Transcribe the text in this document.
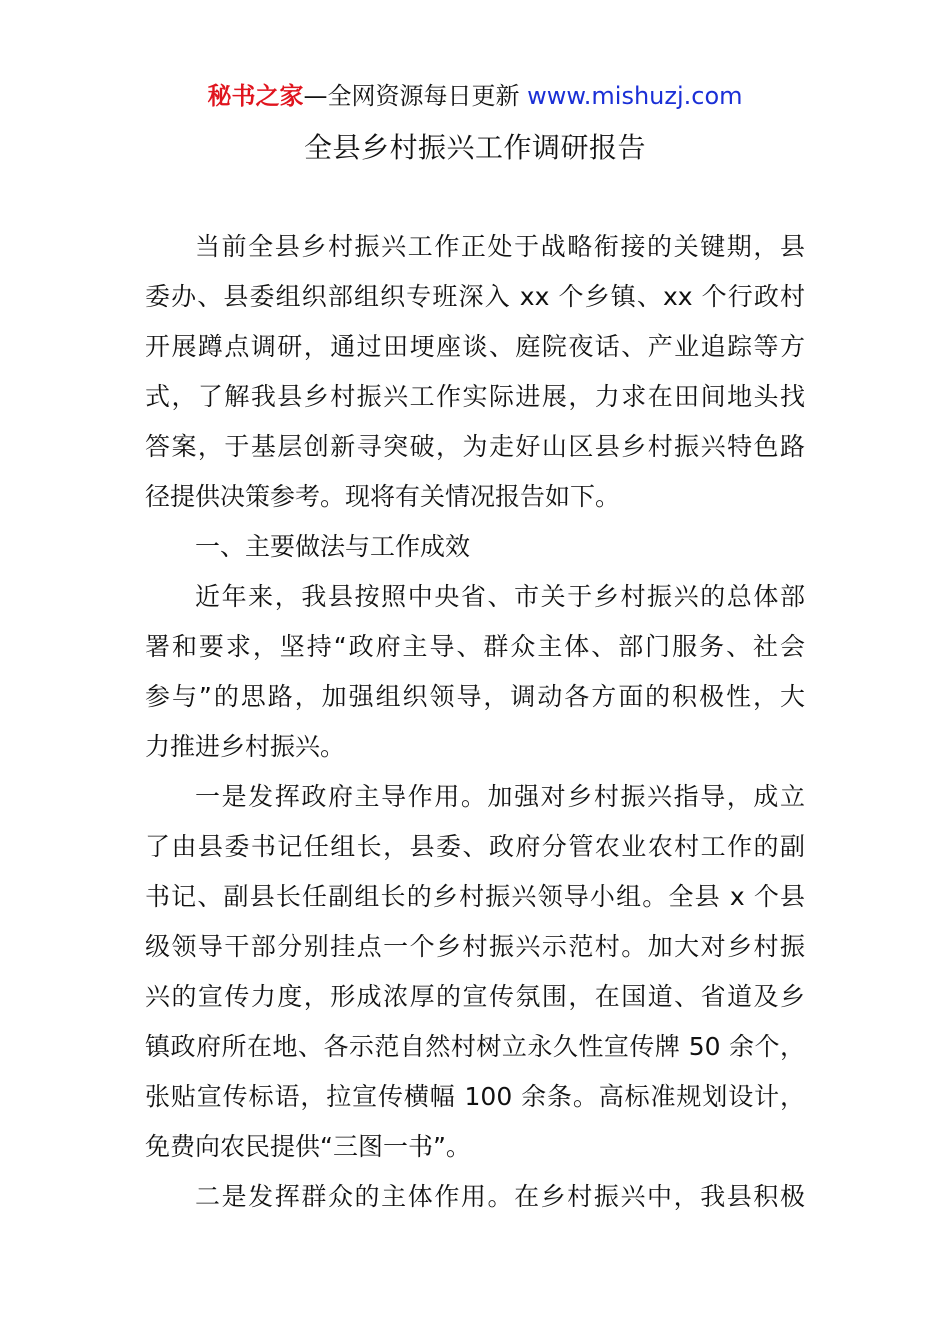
秘书之家—全网资源每日更新 www.mishuzj.com
全县乡村振兴工作调研报告
当前全县乡村振兴工作正处于战略衔接的关键期，县
委办、县委组织部组织专班深入 xx 个乡镇、xx 个行政村
开展蹲点调研，通过田埂座谈、庭院夜话、产业追踪等方
式，了解我县乡村振兴工作实际进展，力求在田间地头找
答案，于基层创新寻突破，为走好山区县乡村振兴特色路
径提供决策参考。现将有关情况报告如下。
一、主要做法与工作成效
近年来，我县按照中央省、市关于乡村振兴的总体部
署和要求，坚持“政府主导、群众主体、部门服务、社会
参与”的思路，加强组织领导，调动各方面的积极性，大
力推进乡村振兴。
一是发挥政府主导作用。加强对乡村振兴指导，成立
了由县委书记任组长，县委、政府分管农业农村工作的副
书记、副县长任副组长的乡村振兴领导小组。全县 x 个县
级领导干部分别挂点一个乡村振兴示范村。加大对乡村振
兴的宣传力度，形成浓厚的宣传氛围，在国道、省道及乡
镇政府所在地、各示范自然村树立永久性宣传牌 50 余个，
张贴宣传标语，拉宣传横幅 100 余条。高标准规划设计，
免费向农民提供“三图一书”。
二是发挥群众的主体作用。在乡村振兴中，我县积极
